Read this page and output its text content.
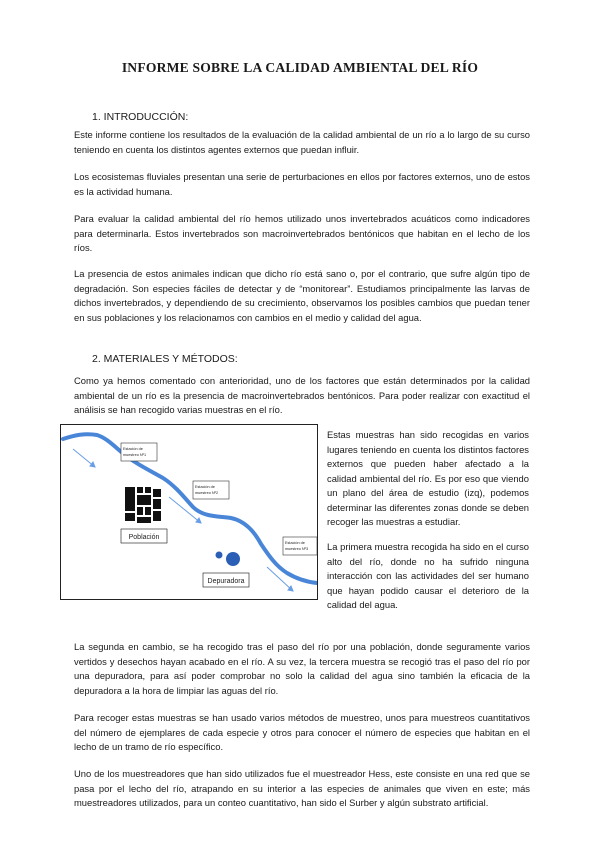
INFORME SOBRE LA CALIDAD AMBIENTAL DEL RÍO
1. INTRODUCCIÓN:
Este informe contiene los resultados de la evaluación de la calidad ambiental de un río a lo largo de su curso teniendo en cuenta los distintos agentes externos que puedan influir.
Los ecosistemas fluviales presentan una serie de perturbaciones en ellos por factores externos, uno de estos es la actividad humana.
Para evaluar la calidad ambiental del río hemos utilizado unos invertebrados acuáticos como indicadores para determinarla. Estos invertebrados son macroinvertebrados bentónicos que habitan en el lecho de los ríos.
La presencia de estos animales indican que dicho río está sano o, por el contrario, que sufre algún tipo de degradación. Son especies fáciles de detectar y de “monitorear”. Estudiamos principalmente las larvas de dichos invertebrados, y dependiendo de su crecimiento, observamos los posibles cambios que puedan tener en sus poblaciones y los relacionamos con cambios en el medio y calidad del agua.
2. MATERIALES Y MÉTODOS:
Como ya hemos comentado con anterioridad, uno de los factores que están determinados por la calidad ambiental de un río es la presencia de macroinvertebrados bentónicos. Para poder realizar con exactitud el análisis se han recogido varias muestras en el río.
Estación de muestreo Nº1
Estación de muestreo Nº2
Estación de muestreo Nº3
Población
Depuradora
Estas muestras han sido recogidas en varios lugares teniendo en cuenta los distintos factores externos que pueden haber afectado a la calidad ambiental del río. Es por eso que viendo un plano del área de estudio (izq), podemos determinar las diferentes zonas donde se deben recoger las muestras a estudiar.
La primera muestra recogida ha sido en el curso alto del río, donde no ha sufrido ninguna interacción con las actividades del ser humano que hayan podido causar el deterioro de la calidad del agua.
La segunda en cambio, se ha recogido tras el paso del río por una población, donde seguramente varios vertidos y desechos hayan acabado en el río. A su vez, la tercera muestra se recogió tras el paso del río por una depuradora, para así poder comprobar no solo la calidad del agua sino también la eficacia de la depuradora a la hora de limpiar las aguas del río.
Para recoger estas muestras se han usado varios métodos de muestreo, unos para muestreos cuantitativos del número de ejemplares de cada especie y otros para conocer el número de especies que habitan en el lecho de un tramo de río específico.
Uno de los muestreadores que han sido utilizados fue el muestreador Hess, este consiste en una red que se pasa por el lecho del río, atrapando en su interior a las especies de animales que viven en este; más muestreadores utilizados, para un conteo cuantitativo, han sido el Surber y algún substrato artificial.
